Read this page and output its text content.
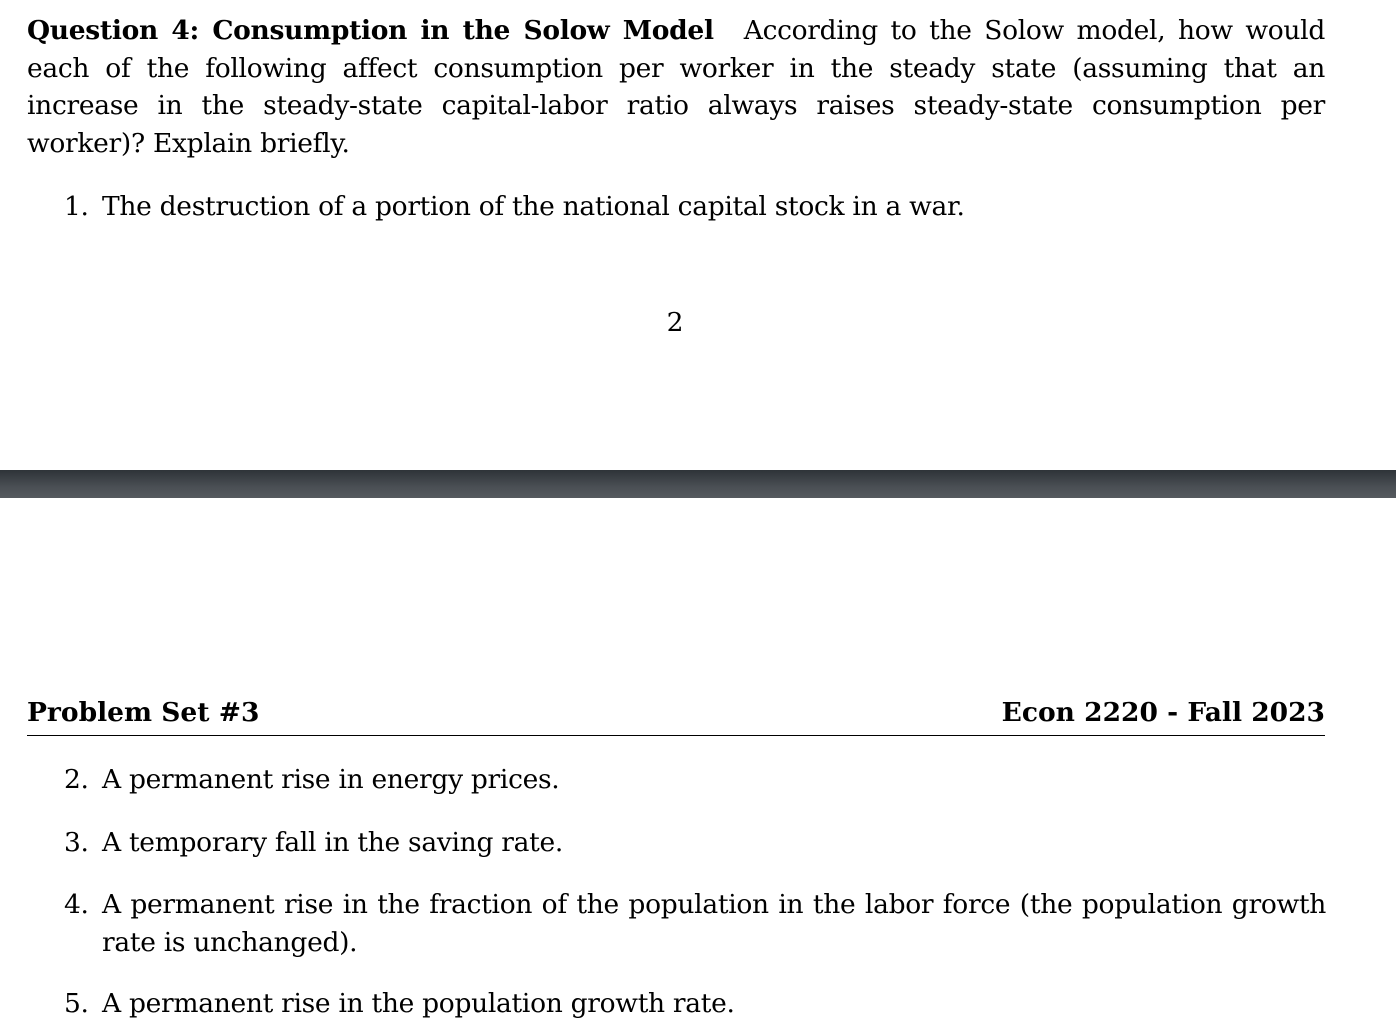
Question 4: Consumption in the Solow Model According to the Solow model, how would each of the following affect consumption per worker in the steady state (assuming that an increase in the steady-state capital-labor ratio always raises steady-state consumption per worker)? Explain briefly.
1. The destruction of a portion of the national capital stock in a war.
2
Problem Set #3	Econ 2220 - Fall 2023
2. A permanent rise in energy prices.
3. A temporary fall in the saving rate.
4. A permanent rise in the fraction of the population in the labor force (the population growth rate is unchanged).
5. A permanent rise in the population growth rate.
